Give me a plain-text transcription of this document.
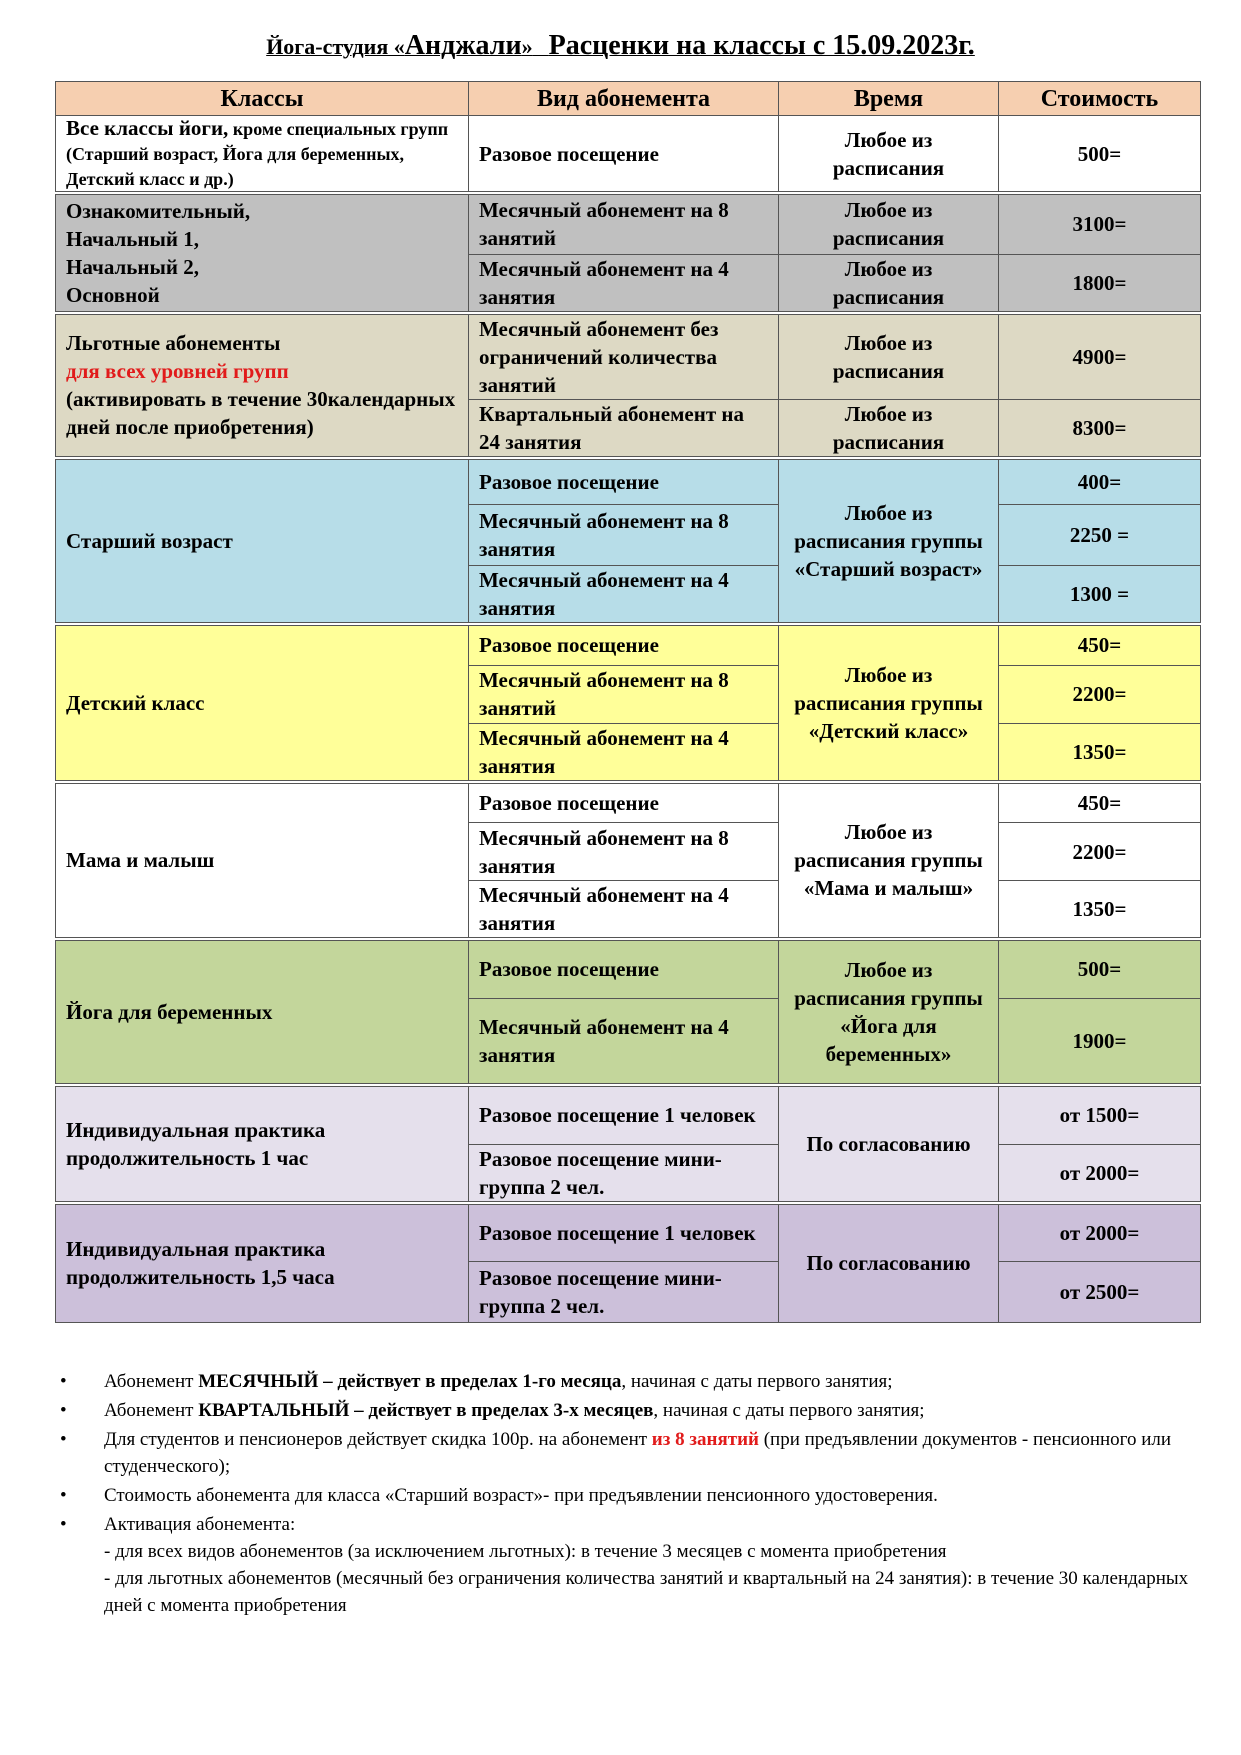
Йога-студия «Анджали» Расценки на классы с 15.09.2023г.
Классы	Вид абонемента	Время	Стоимость
Все классы йоги, кроме специальных групп (Старший возраст, Йога для беременных, Детский класс и др.)	Разовое посещение	Любое из расписания	500=
Ознакомительный,
Начальный 1,
Начальный 2,
Основной	Месячный абонемент на 8 занятий	Любое из расписания	3100=
	Месячный абонемент на 4 занятия	Любое из расписания	1800=

Льготные абонементы
для всех уровней групп
(активировать в течение 30календарных дней после приобретения)	Месячный абонемент без ограничений количества занятий	Любое из расписания	4900=
	Квартальный абонемент на 24 занятия	Любое из расписания	8300=
Старший возраст	Разовое посещение	Любое из расписания группы «Старший возраст»	400=
	Месячный абонемент на 8 занятия		2250 =
	Месячный абонемент на 4 занятия		1300 =
Детский класс	Разовое посещение	Любое из расписания группы «Детский класс»	450=
	Месячный абонемент на 8 занятий		2200=
	Месячный абонемент на 4 занятия		1350=
Мама и малыш	Разовое посещение	Любое из расписания группы «Мама и малыш»	450=
	Месячный абонемент на 8 занятия		2200=
	Месячный абонемент на 4 занятия		1350=
Йога для беременных	Разовое посещение	Любое из расписания группы «Йога для беременных»	500=
	Месячный абонемент на 4 занятия		1900=
Индивидуальная практика продолжительность 1 час	Разовое посещение 1 человек	По согласованию	от 1500=
	Разовое посещение мини-группа 2 чел.		от 2000=
Индивидуальная практика продолжительность 1,5 часа	Разовое посещение 1 человек	По согласованию	от 2000=
	Разовое посещение мини-группа 2 чел.		от 2500=
• Абонемент МЕСЯЧНЫЙ – действует в пределах 1-го месяца, начиная с даты первого занятия;
• Абонемент КВАРТАЛЬНЫЙ – действует в пределах 3-х месяцев, начиная с даты первого занятия;
• Для студентов и пенсионеров действует скидка 100р. на абонемент из 8 занятий (при предъявлении документов - пенсионного или студенческого);
• Стоимость абонемента для класса «Старший возраст»- при предъявлении пенсионного удостоверения.
• Активация абонемента:
- для всех видов абонементов (за исключением льготных): в течение 3 месяцев с момента приобретения
- для льготных абонементов (месячный без ограничения количества занятий и квартальный на 24 занятия): в течение 30 календарных дней с момента приобретения
